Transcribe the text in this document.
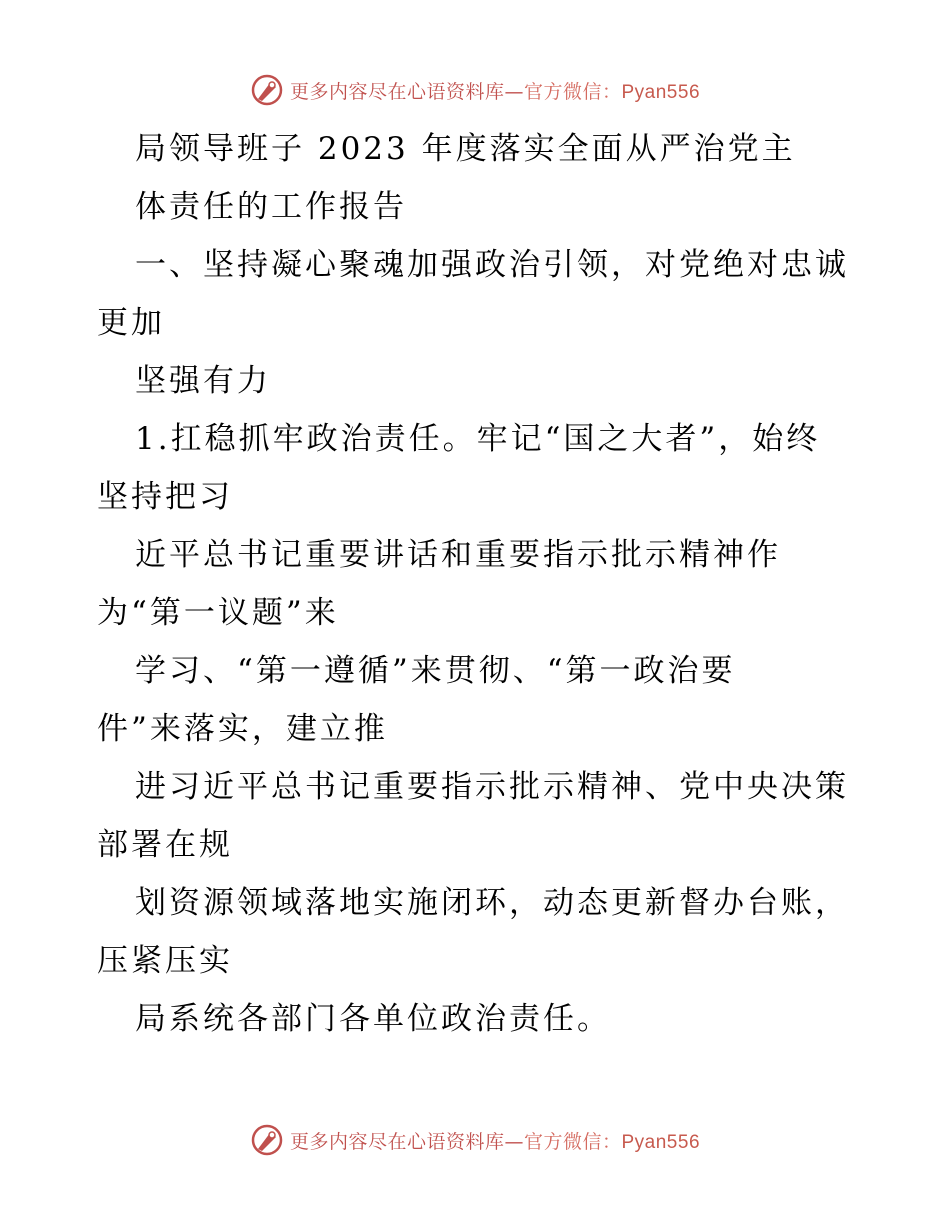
更多内容尽在心语资料库—官方微信：Pyan556
局领导班子 2023 年度落实全面从严治党主
体责任的工作报告
一、坚持凝心聚魂加强政治引领，对党绝对忠诚
更加
坚强有力
1.扛稳抓牢政治责任。牢记“国之大者”，始终
坚持把习
近平总书记重要讲话和重要指示批示精神作
为“第一议题”来
学习、“第一遵循”来贯彻、“第一政治要
件”来落实，建立推
进习近平总书记重要指示批示精神、党中央决策
部署在规
划资源领域落地实施闭环，动态更新督办台账，
压紧压实
局系统各部门各单位政治责任。
更多内容尽在心语资料库—官方微信：Pyan556
